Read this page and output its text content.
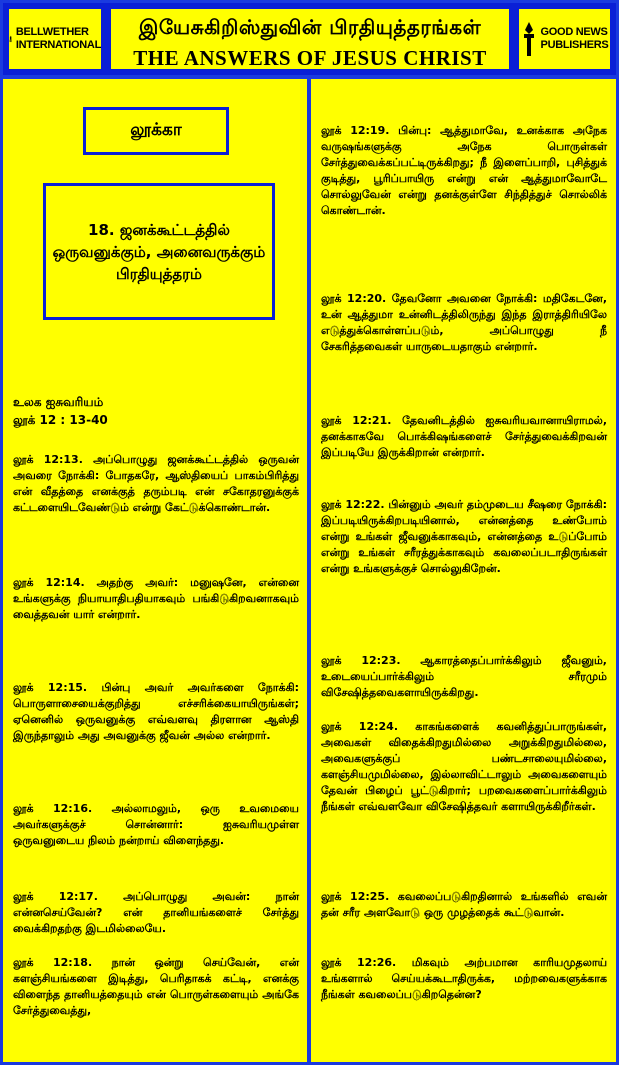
BELLWETHER
INTERNATIONAL
இயேசுகிறிஸ்துவின் பிரதியுத்தரங்கள்
THE ANSWERS OF JESUS CHRIST
GOOD NEWS
PUBLISHERS
லூக்கா
18. ஜனக்கூட்டத்தில் ஒருவனுக்கும், அனைவருக்கும் பிரதியுத்தரம்
உலக ஐசுவரியம்
லூக் 12 : 13-40
லூக் 12:13. அப்பொழுது ஜனக்கூட்டத்தில் ஒருவன் அவரை நோக்கி: போதகரே, ஆஸ்தியைப் பாகம்பிரித்து என் வீதத்தை எனக்குத் தரும்படி என் சகோதரனுக்குக் கட்டளையிடவேண்டும் என்று கேட்டுக்கொண்டான்.
லூக் 12:14. அதற்கு அவர்: மனுஷனே, என்னை உங்களுக்கு நியாயாதிபதியாகவும் பங்கிடுகிறவனாகவும் வைத்தவன் யார் என்றார்.
லூக் 12:15. பின்பு அவர் அவர்களை நோக்கி: பொருளாசையைக்குறித்து எச்சரிக்கையாயிருங்கள்; ஏனெனில் ஒருவனுக்கு எவ்வளவு திரளான ஆஸ்தி இருந்தாலும் அது அவனுக்கு ஜீவன் அல்ல என்றார்.
லூக் 12:16. அல்லாமலும், ஒரு உவமையை அவர்களுக்குச் சொன்னார்: ஐசுவரியமுள்ள ஒருவனுடைய நிலம் நன்றாய் விளைந்தது.
லூக் 12:17. அப்பொழுது அவன்: நான் என்னசெய்வேன்? என் தானியங்களைச் சேர்த்து வைக்கிறதற்கு இடமில்லையே.
லூக் 12:18. நான் ஒன்று செய்வேன், என் களஞ்சியங்களை இடித்து, பெரிதாகக் கட்டி, எனக்கு விளைந்த தானியத்தையும் என் பொருள்களையும் அங்கே சேர்த்துவைத்து,
லூக் 12:19. பின்பு: ஆத்துமாவே, உனக்காக அநேக வருஷங்களுக்கு அநேக பொருள்கள் சேர்த்துவைக்கப்பட்டிருக்கிறது; நீ இளைப்பாறி, புசித்துக் குடித்து, பூரிப்பாயிரு என்று என் ஆத்துமாவோடே சொல்லுவேன் என்று தனக்குள்ளே சிந்தித்துச் சொல்லிக் கொண்டான்.
லூக் 12:20. தேவனோ அவனை நோக்கி: மதிகேடனே, உன் ஆத்துமா உன்னிடத்திலிருந்து இந்த இராத்திரியிலே எடுத்துக்கொள்ளப்படும், அப்பொழுது நீ சேகரித்தவைகள் யாருடையதாகும் என்றார்.
லூக் 12:21. தேவனிடத்தில் ஐசுவரியவானாயிராமல், தனக்காகவே பொக்கிஷங்களைச் சேர்த்துவைக்கிறவன் இப்படியே இருக்கிறான் என்றார்.
லூக் 12:22. பின்னும் அவர் தம்முடைய சீஷரை நோக்கி: இப்படியிருக்கிறபடியினால், என்னத்தை உண்போம் என்று உங்கள் ஜீவனுக்காகவும், என்னத்தை உடுப்போம் என்று உங்கள் சரீரத்துக்காகவும் கவலைப்படாதிருங்கள் என்று உங்களுக்குச் சொல்லுகிறேன்.
லூக் 12:23. ஆகாரத்தைப்பார்க்கிலும் ஜீவனும், உடையைப்பார்க்கிலும் சரீரமும் விசேஷித்தவைகளாயிருக்கிறது.
லூக் 12:24. காகங்களைக் கவனித்துப்பாருங்கள், அவைகள் விதைக்கிறதுமில்லை அறுக்கிறதுமில்லை, அவைகளுக்குப் பண்டசாலையுமில்லை, களஞ்சியமுமில்லை, இல்லாவிட்டாலும் அவைகளையும் தேவன் பிழைப் பூட்டுகிறார்; பறவைகளைப்பார்க்கிலும் நீங்கள் எவ்வளவோ விசேஷித்தவர் களாயிருக்கிறீர்கள்.
லூக் 12:25. கவலைப்படுகிறதினால் உங்களில் எவன் தன் சரீர அளவோடு ஒரு முழத்தைக் கூட்டுவான்.
லூக் 12:26. மிகவும் அற்பமான காரியமுதலாய் உங்களால் செய்யக்கூடாதிருக்க, மற்றவைகளுக்காக நீங்கள் கவலைப்படுகிறதென்ன?
